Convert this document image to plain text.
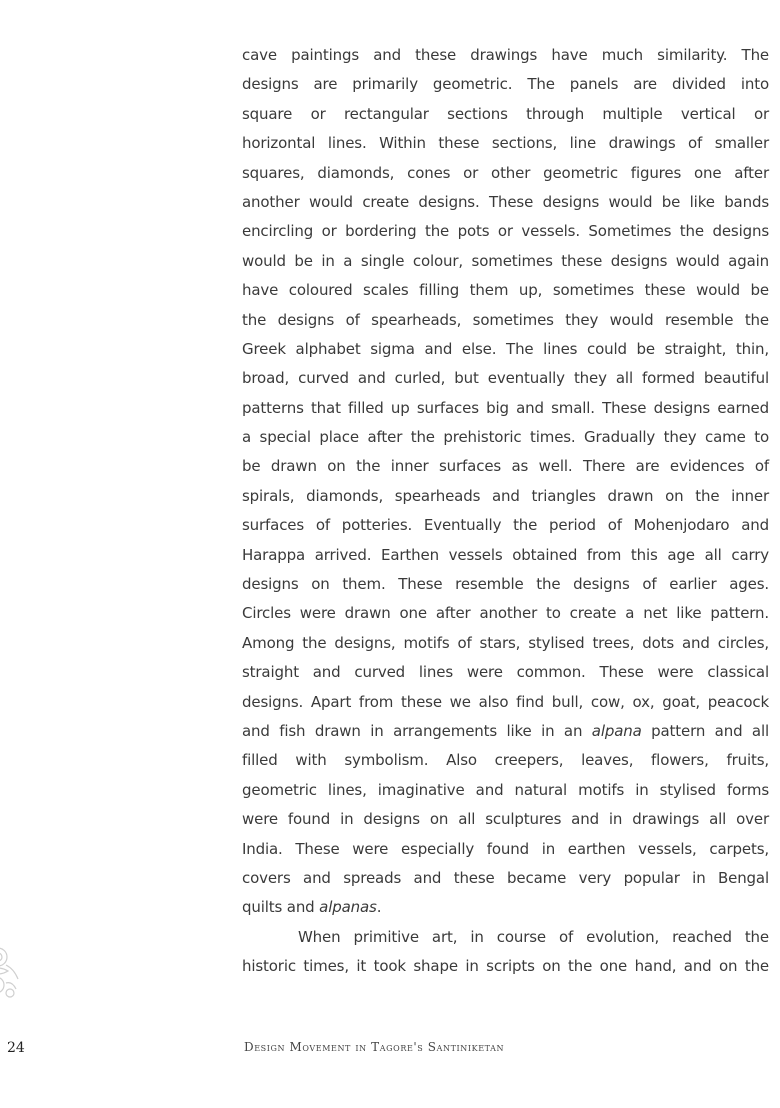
cave paintings and these drawings have much similarity. The
designs are primarily geometric. The panels are divided into
square or rectangular sections through multiple vertical or
horizontal lines. Within these sections, line drawings of smaller
squares, diamonds, cones or other geometric figures one after
another would create designs. These designs would be like bands
encircling or bordering the pots or vessels. Sometimes the designs
would be in a single colour, sometimes these designs would again
have coloured scales filling them up, sometimes these would be
the designs of spearheads, sometimes they would resemble the
Greek alphabet sigma and else. The lines could be straight, thin,
broad, curved and curled, but eventually they all formed beautiful
patterns that filled up surfaces big and small. These designs earned
a special place after the prehistoric times. Gradually they came to
be drawn on the inner surfaces as well. There are evidences of
spirals, diamonds, spearheads and triangles drawn on the inner
surfaces of potteries. Eventually the period of Mohenjodaro and
Harappa arrived. Earthen vessels obtained from this age all carry
designs on them. These resemble the designs of earlier ages.
Circles were drawn one after another to create a net like pattern.
Among the designs, motifs of stars, stylised trees, dots and circles,
straight and curved lines were common. These were classical
designs. Apart from these we also find bull, cow, ox, goat, peacock
and fish drawn in arrangements like in an alpana pattern and all
filled with symbolism. Also creepers, leaves, flowers, fruits,
geometric lines, imaginative and natural motifs in stylised forms
were found in designs on all sculptures and in drawings all over
India. These were especially found in earthen vessels, carpets,
covers and spreads and these became very popular in Bengal
quilts and alpanas.

When primitive art, in course of evolution, reached the
historic times, it took shape in scripts on the one hand, and on the

24	Design Movement in Tagore's Santiniketan
